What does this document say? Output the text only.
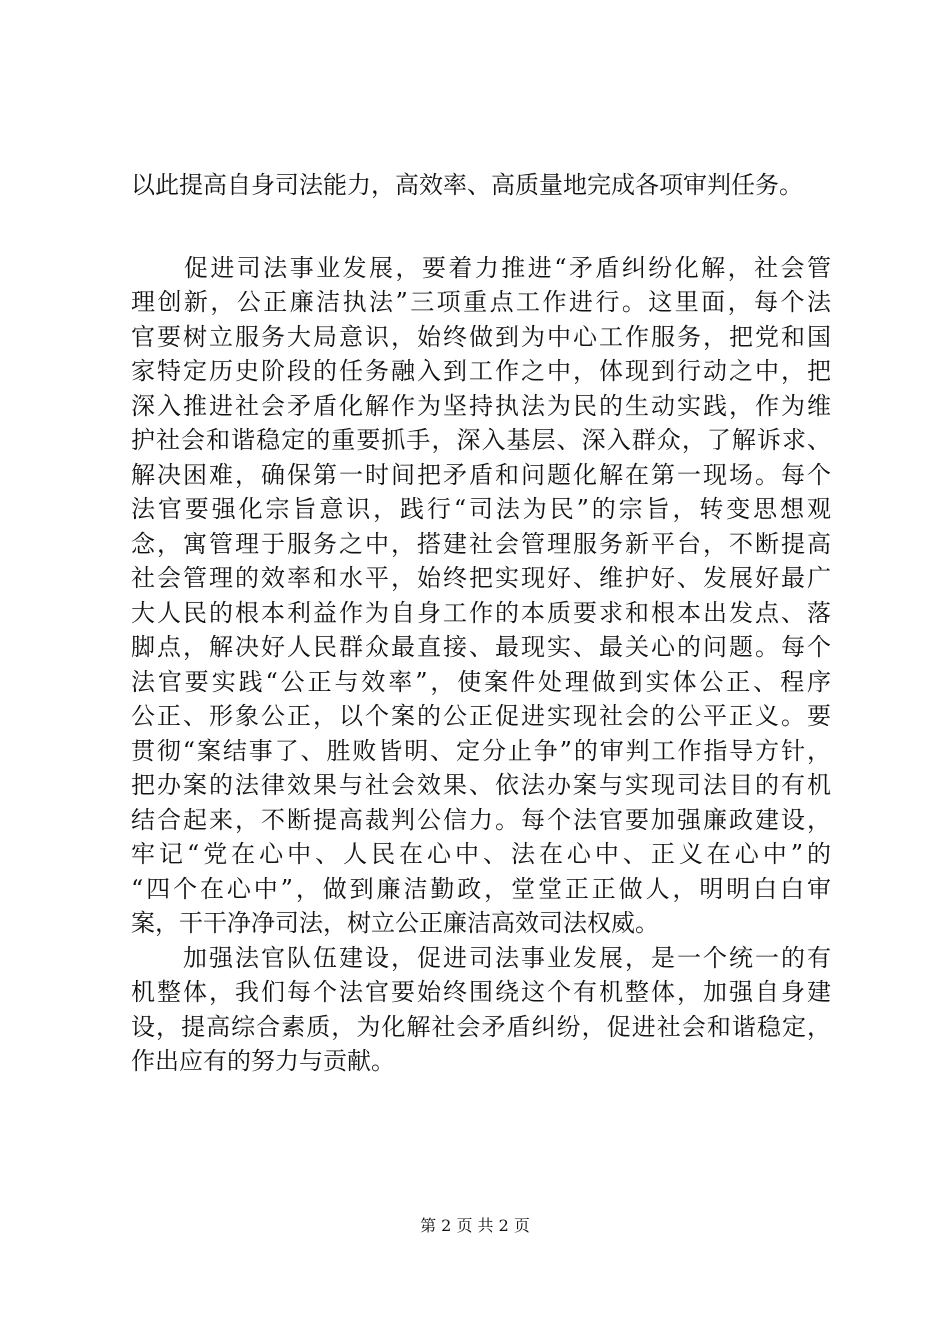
以此提高自身司法能力，高效率、高质量地完成各项审判任务。
　　促进司法事业发展，要着力推进“矛盾纠纷化解，社会管
理创新，公正廉洁执法”三项重点工作进行。这里面，每个法
官要树立服务大局意识，始终做到为中心工作服务，把党和国
家特定历史阶段的任务融入到工作之中，体现到行动之中，把
深入推进社会矛盾化解作为坚持执法为民的生动实践，作为维
护社会和谐稳定的重要抓手，深入基层、深入群众，了解诉求、
解决困难，确保第一时间把矛盾和问题化解在第一现场。每个
法官要强化宗旨意识，践行“司法为民”的宗旨，转变思想观
念，寓管理于服务之中，搭建社会管理服务新平台，不断提高
社会管理的效率和水平，始终把实现好、维护好、发展好最广
大人民的根本利益作为自身工作的本质要求和根本出发点、落
脚点，解决好人民群众最直接、最现实、最关心的问题。每个
法官要实践“公正与效率”，使案件处理做到实体公正、程序
公正、形象公正，以个案的公正促进实现社会的公平正义。要
贯彻“案结事了、胜败皆明、定分止争”的审判工作指导方针，
把办案的法律效果与社会效果、依法办案与实现司法目的有机
结合起来，不断提高裁判公信力。每个法官要加强廉政建设，
牢记“党在心中、人民在心中、法在心中、正义在心中”的
“四个在心中”，做到廉洁勤政，堂堂正正做人，明明白白审
案，干干净净司法，树立公正廉洁高效司法权威。
　　加强法官队伍建设，促进司法事业发展，是一个统一的有
机整体，我们每个法官要始终围绕这个有机整体，加强自身建
设，提高综合素质，为化解社会矛盾纠纷，促进社会和谐稳定，
作出应有的努力与贡献。
第 2 页 共 2 页
